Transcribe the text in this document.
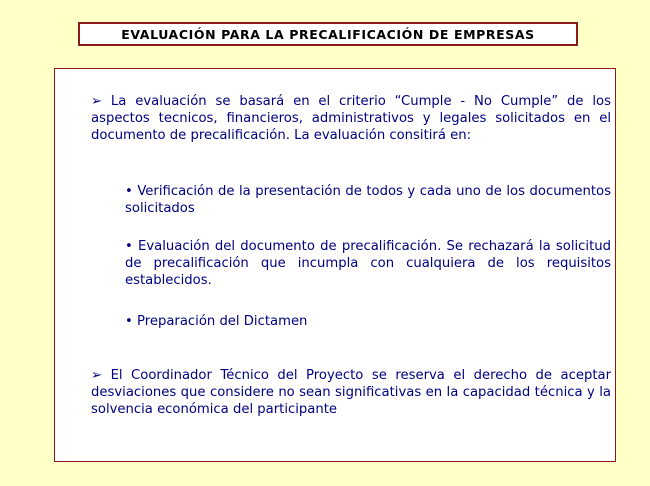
EVALUACIÓN PARA LA PRECALIFICACIÓN DE EMPRESAS

➢ La evaluación se basará en el criterio “Cumple - No Cumple” de los aspectos tecnicos, financieros, administrativos y legales solicitados en el documento de precalificación. La evaluación consitirá en:

• Verificación de la presentación de todos y cada uno de los documentos solicitados

• Evaluación del documento de precalificación. Se rechazará la solicitud de precalificación que incumpla con cualquiera de los requisitos establecidos.

• Preparación del Dictamen

➢ El Coordinador Técnico del Proyecto se reserva el derecho de aceptar desviaciones que considere no sean significativas en la capacidad técnica y la solvencia económica del participante
